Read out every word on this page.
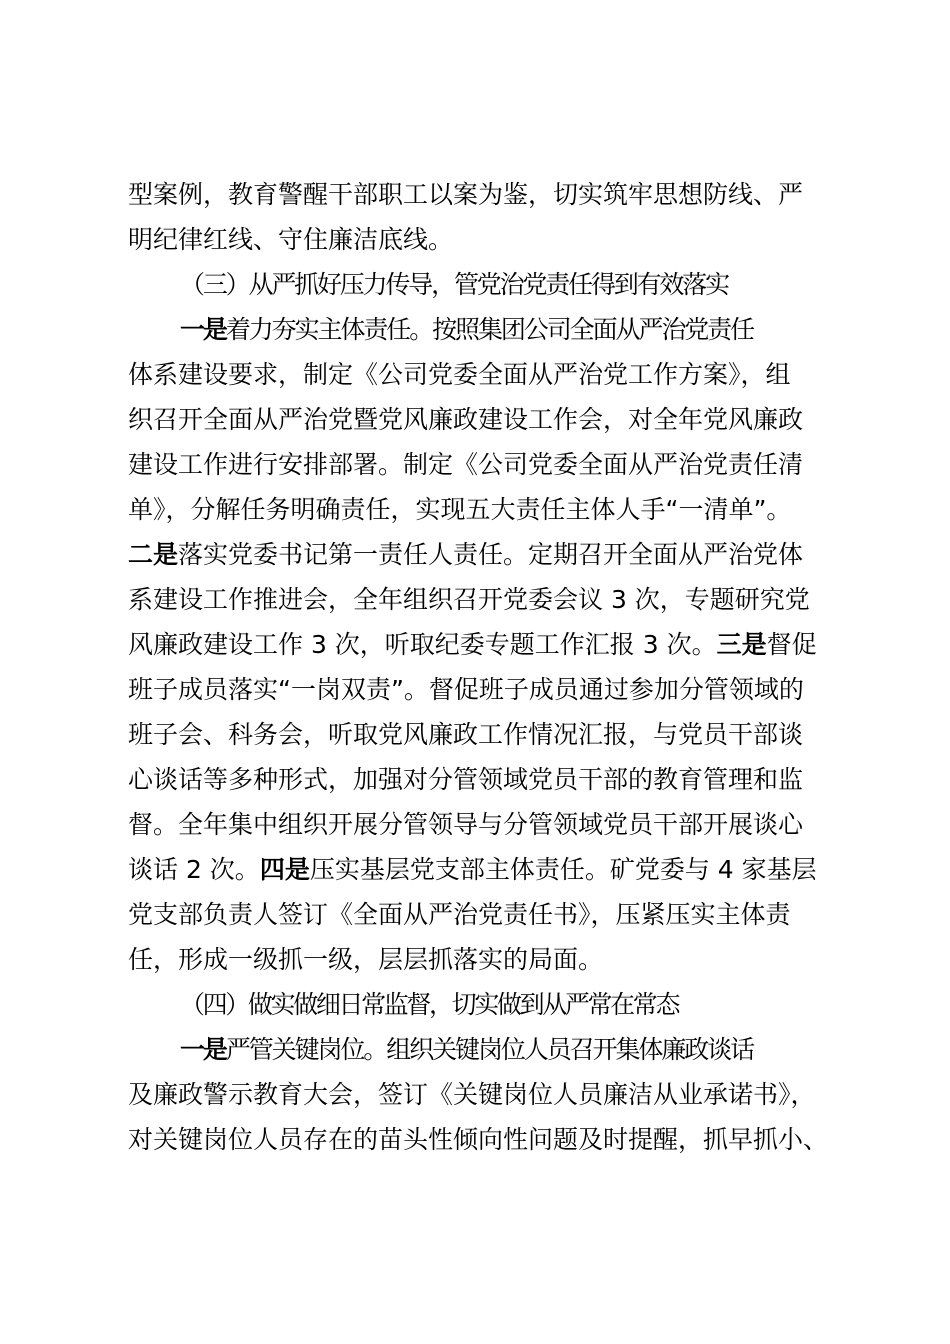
型案例，教育警醒干部职工以案为鉴，切实筑牢思想防线、严
明纪律红线、守住廉洁底线。
（三）从严抓好压力传导，管党治党责任得到有效落实
一是着力夯实主体责任。按照集团公司全面从严治党责任
体系建设要求，制定《公司党委全面从严治党工作方案》，组
织召开全面从严治党暨党风廉政建设工作会，对全年党风廉政
建设工作进行安排部署。制定《公司党委全面从严治党责任清
单》，分解任务明确责任，实现五大责任主体人手“一清单”。
二是落实党委书记第一责任人责任。定期召开全面从严治党体
系建设工作推进会，全年组织召开党委会议 3 次，专题研究党
风廉政建设工作 3 次，听取纪委专题工作汇报 3 次。三是督促
班子成员落实“一岗双责”。督促班子成员通过参加分管领域的
班子会、科务会，听取党风廉政工作情况汇报，与党员干部谈
心谈话等多种形式，加强对分管领域党员干部的教育管理和监
督。全年集中组织开展分管领导与分管领域党员干部开展谈心
谈话 2 次。四是压实基层党支部主体责任。矿党委与 4 家基层
党支部负责人签订《全面从严治党责任书》，压紧压实主体责
任，形成一级抓一级，层层抓落实的局面。
（四）做实做细日常监督，切实做到从严常在常态
一是严管关键岗位。组织关键岗位人员召开集体廉政谈话
及廉政警示教育大会，签订《关键岗位人员廉洁从业承诺书》，
对关键岗位人员存在的苗头性倾向性问题及时提醒，抓早抓小、
